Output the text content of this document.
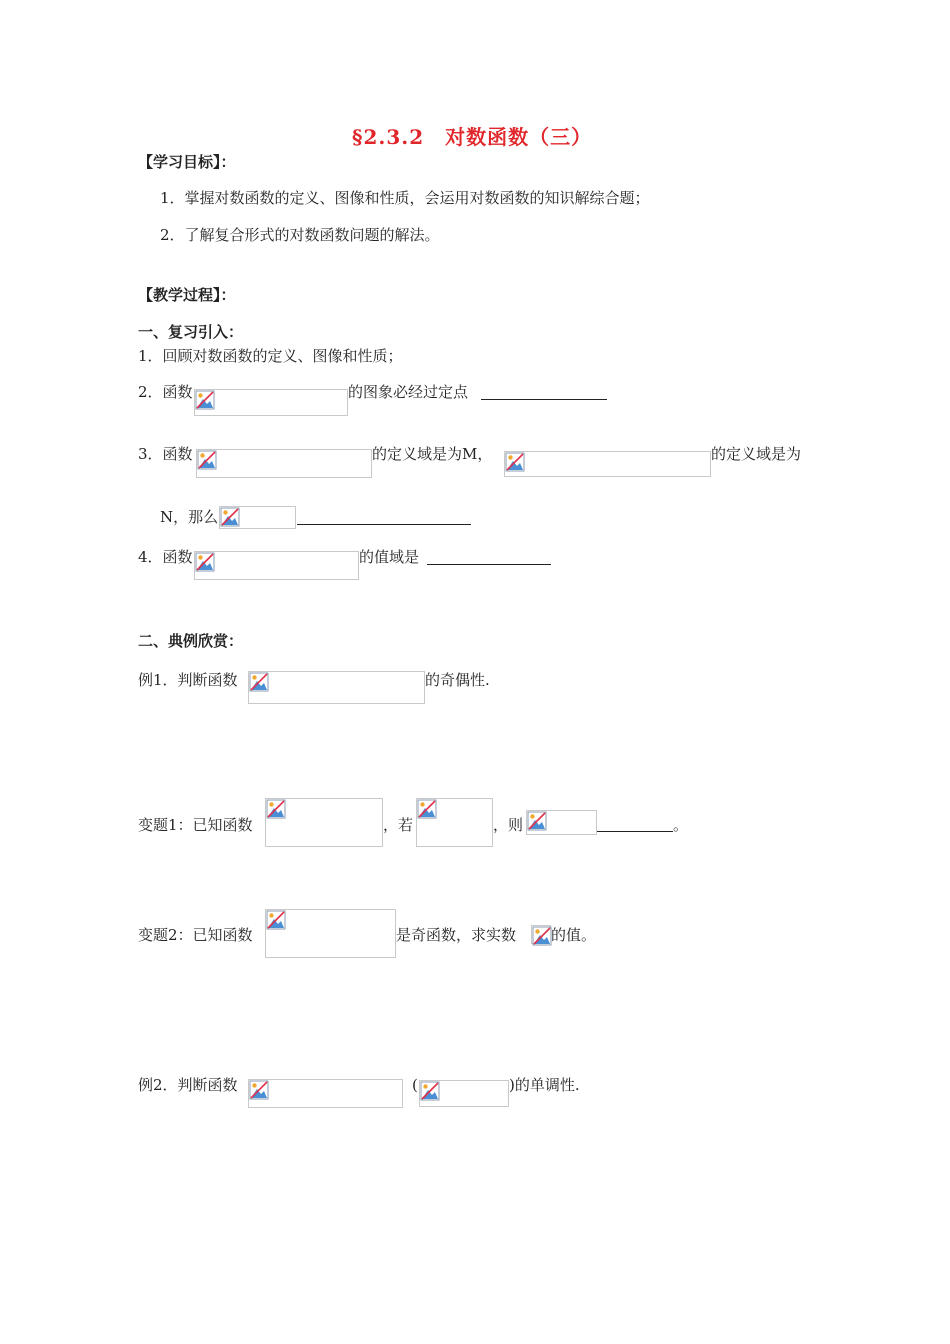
§2.3.2　对数函数（三）
【学习目标】：
1．掌握对数函数的定义、图像和性质，会运用对数函数的知识解综合题；
2．了解复合形式的对数函数问题的解法。
【教学过程】：
一、复习引入：
1．回顾对数函数的定义、图像和性质；
2．函数	的图象必经过定点
3．函数	的定义域是为M，	的定义域是为
N，那么
4．函数	的值域是
二、典例欣赏：
例1．判断函数	的奇偶性.
变题1：已知函数	，若	，则	。
变题2：已知函数	是奇函数，求实数 的值。
例2．判断函数	(	)的单调性.
